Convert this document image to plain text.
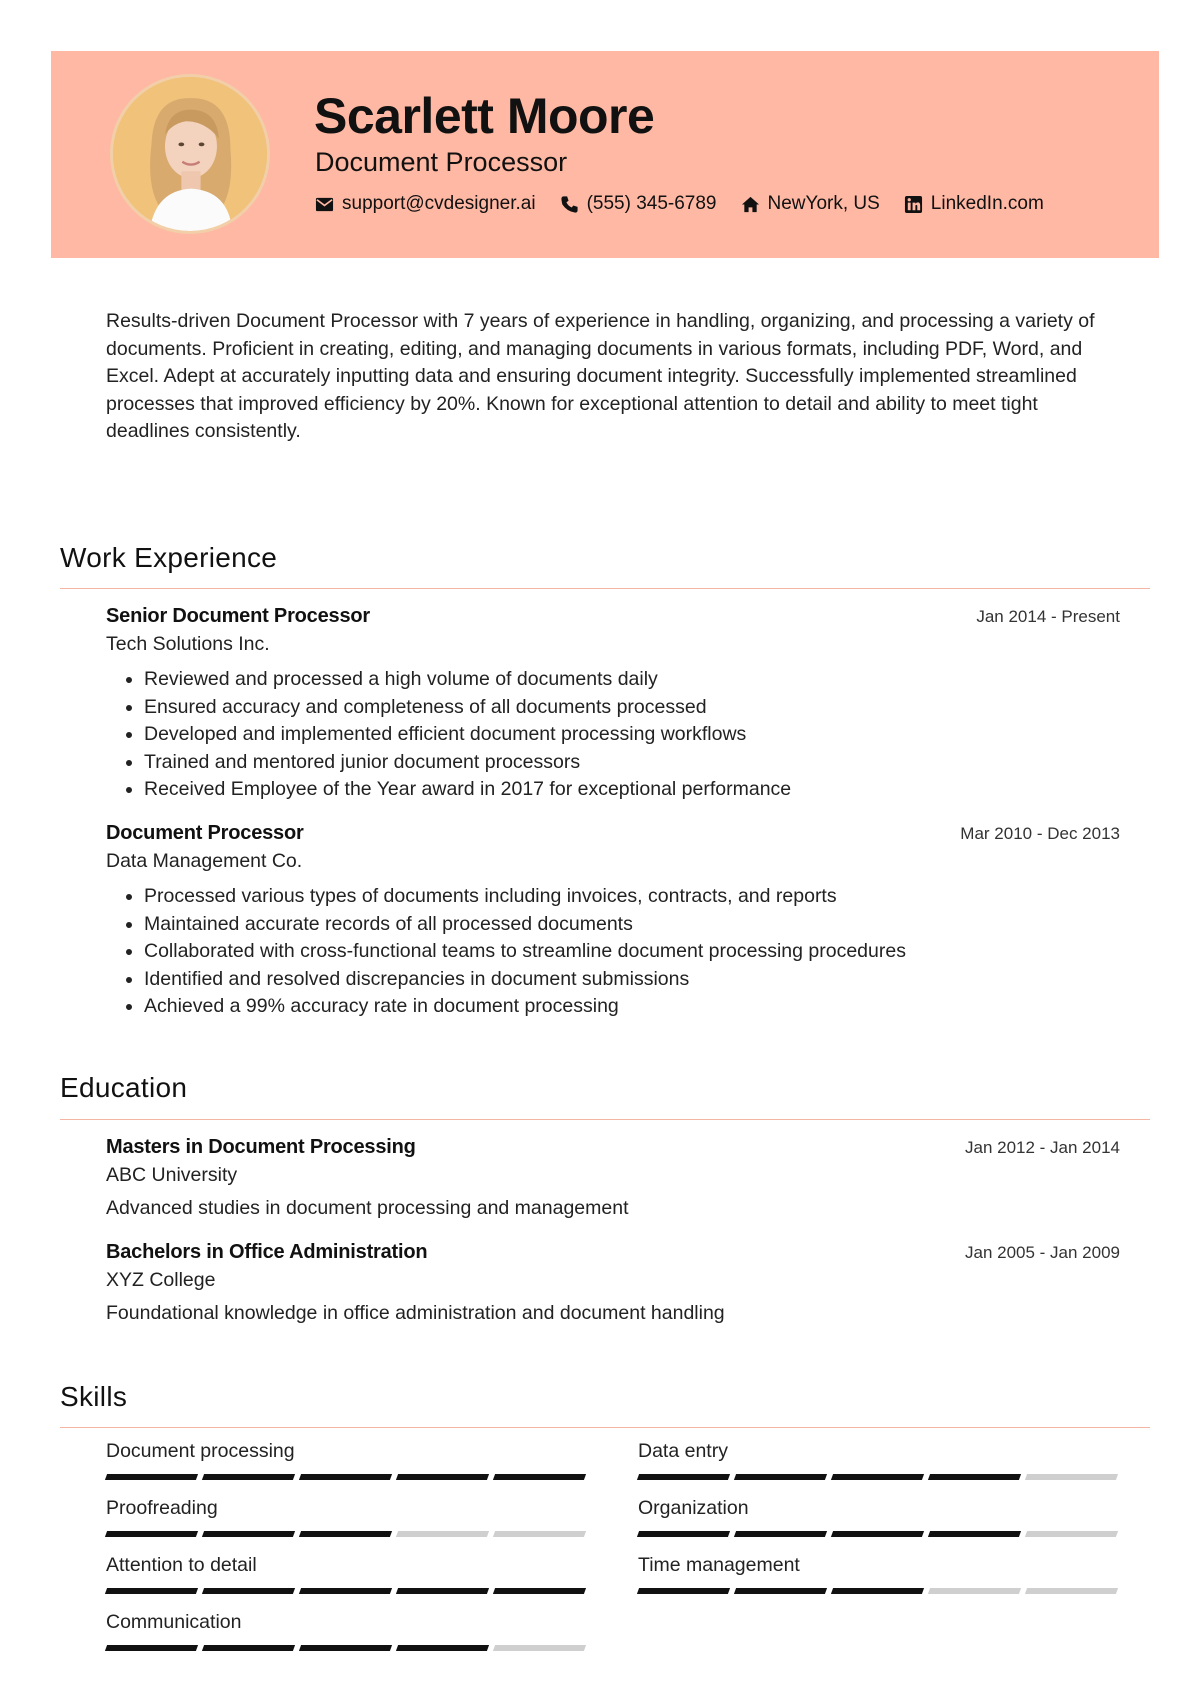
Scarlett Moore
Document Processor
support@cvdesigner.ai	(555) 345-6789	NewYork, US	LinkedIn.com
Results-driven Document Processor with 7 years of experience in handling, organizing, and processing a variety of documents. Proficient in creating, editing, and managing documents in various formats, including PDF, Word, and Excel. Adept at accurately inputting data and ensuring document integrity. Successfully implemented streamlined processes that improved efficiency by 20%. Known for exceptional attention to detail and ability to meet tight deadlines consistently.
Work Experience
Senior Document Processor	Jan 2014 - Present
Tech Solutions Inc.
• Reviewed and processed a high volume of documents daily
• Ensured accuracy and completeness of all documents processed
• Developed and implemented efficient document processing workflows
• Trained and mentored junior document processors
• Received Employee of the Year award in 2017 for exceptional performance
Document Processor	Mar 2010 - Dec 2013
Data Management Co.
• Processed various types of documents including invoices, contracts, and reports
• Maintained accurate records of all processed documents
• Collaborated with cross-functional teams to streamline document processing procedures
• Identified and resolved discrepancies in document submissions
• Achieved a 99% accuracy rate in document processing
Education
Masters in Document Processing	Jan 2012 - Jan 2014
ABC University
Advanced studies in document processing and management
Bachelors in Office Administration	Jan 2005 - Jan 2009
XYZ College
Foundational knowledge in office administration and document handling
Skills
Document processing	Data entry
Proofreading	Organization
Attention to detail	Time management
Communication
